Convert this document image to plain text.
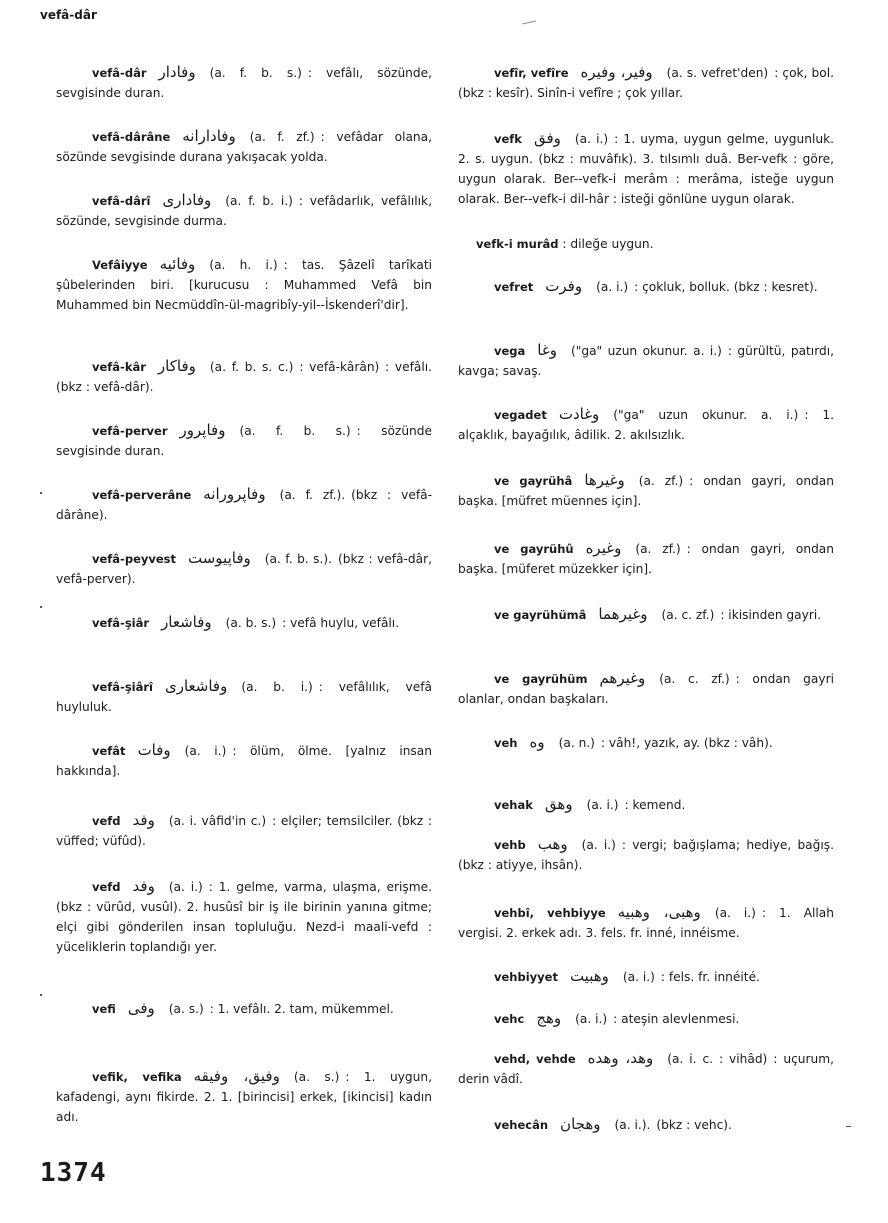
vefâ-dâr
vefâ-dâr وفادار (a. f. b. s.) : vefâlı, sözünde, sevgisinde duran.
vefâ-dârâne وفادارانه (a. f. zf.) : vefâdar olana, sözünde sevgisinde durana yakışacak yolda.
vefâ-dârî وفادارى (a. f. b. i.) : vefâdarlık, vefâlılık, sözünde, sevgisinde durma.
Vefâiyye وفائيه (a. h. i.) : tas. Şâzelî tarîkati şûbelerinden biri. [kurucusu : Muhammed Vefâ bin Muhammed bin Necmüddîn-ül-magribîy-yil--İskenderî'dir].
vefâ-kâr وفاكار (a. f. b. s. c.) : vefâ-kârân) : vefâlı. (bkz : vefâ-dâr).
vefâ-perver وفاپرور (a. f. b. s.) : sözünde sevgisinde duran.
vefâ-perverâne وفاپرورانه (a. f. zf.). (bkz : vefâ-dârâne).
vefâ-peyvest وفاپيوست (a. f. b. s.). (bkz : vefâ-dâr, vefâ-perver).
vefâ-şiâr وفاشعار (a. b. s.) : vefâ huylu, vefâlı.
vefâ-şiârî وفاشعارى (a. b. i.) : vefâlılık, vefâ huyluluk.
vefât وفات (a. i.) : ölüm, ölme. [yalnız insan hakkında].
vefd وفد (a. i. vâfid'in c.) : elçiler; temsilciler. (bkz : vüffed; vüfûd).
vefd وفد (a. i.) : 1. gelme, varma, ulaşma, erişme. (bkz : vürûd, vusûl). 2. husûsî bir iş ile birinin yanına gitme; elçi gibi gönderilen insan topluluğu. Nezd-i maali-vefd : yüceliklerin toplandığı yer.
vefi وفى (a. s.) : 1. vefâlı. 2. tam, mükemmel.
vefik, vefika وفيق، وفيقه (a. s.) : 1. uygun, kafadengi, aynı fikirde. 2. 1. [birincisi] erkek, [ikincisi] kadın adı.
vefîr, vefîre وفير، وفيره (a. s. vefret'den) : çok, bol. (bkz : kesîr). Sinîn-i vefîre ; çok yıllar.
vefk وفق (a. i.) : 1. uyma, uygun gelme, uygunluk. 2. s. uygun. (bkz : muvâfık). 3. tılsımlı duâ. Ber-vefk : göre, uygun olarak. Ber--vefk-i merâm : merâma, isteğe uygun olarak. Ber--vefk-i dil-hâr : isteği gönlüne uygun olarak.
vefk-i murâd : dileğe uygun.
vefret وفرت (a. i.) : çokluk, bolluk. (bkz : kesret).
vega وغا ("ga" uzun okunur. a. i.) : gürültü, patırdı, kavga; savaş.
vegadet وغادت ("ga" uzun okunur. a. i.) : 1. alçaklık, bayağılık, âdilik. 2. akılsızlık.
ve gayrühâ وغيرها (a. zf.) : ondan gayri, ondan başka. [müfret müennes için].
ve gayrühû وغيره (a. zf.) : ondan gayri, ondan başka. [müferet müzekker için].
ve gayrühümâ وغيرهما (a. c. zf.) : ikisinden gayri.
ve gayrühüm وغيرهم (a. c. zf.) : ondan gayri olanlar, ondan başkaları.
veh وه (a. n.) : vâh!, yazık, ay. (bkz : vâh).
vehak وهق (a. i.) : kemend.
vehb وهب (a. i.) : vergi; bağışlama; hediye, bağış. (bkz : atiyye, ihsân).
vehbî, vehbiyye وهبى، وهبيه (a. i.) : 1. Allah vergisi. 2. erkek adı. 3. fels. fr. inné, innéisme.
vehbiyyet وهبيت (a. i.) : fels. fr. innéité.
vehc وهج (a. i.) : ateşin alevlenmesi.
vehd, vehde وهد، وهده (a. i. c. : vihâd) : uçurum, derin vâdî.
vehecân وهجان (a. i.). (bkz : vehc).
1374
